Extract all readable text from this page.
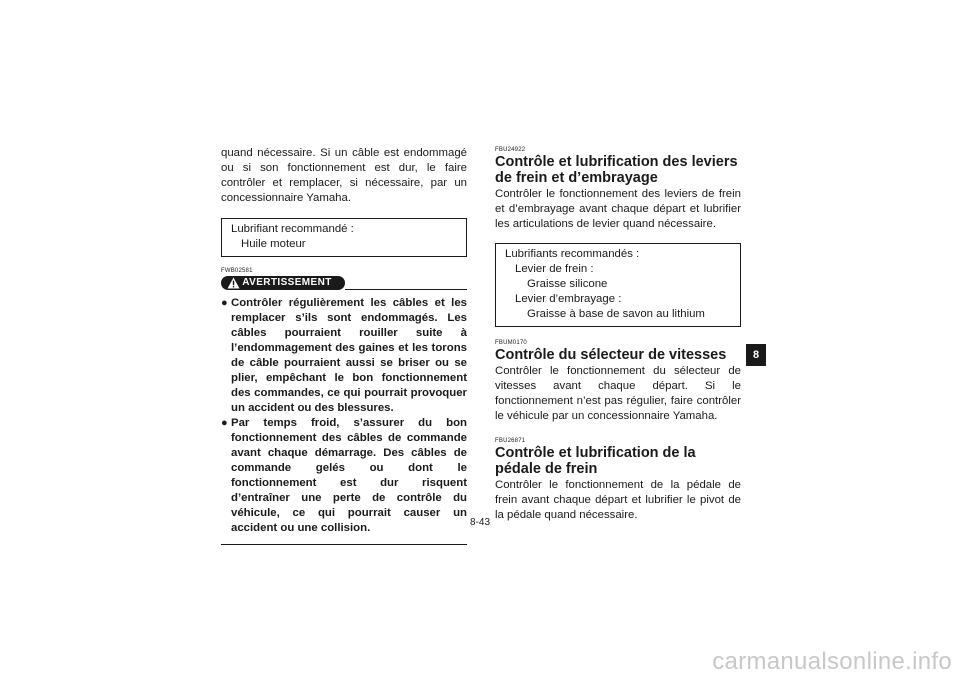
quand nécessaire. Si un câble est endommagé ou si son fonctionnement est dur, le faire contrôler et remplacer, si nécessaire, par un concessionnaire Yamaha.

Lubrifiant recommandé :
Huile moteur
FWB02581
AVERTISSEMENT
● Contrôler régulièrement les câbles et les remplacer s’ils sont endommagés. Les câbles pourraient rouiller suite à l’endommagement des gaines et les torons de câble pourraient aussi se briser ou se plier, empêchant le bon fonctionnement des commandes, ce qui pourrait provoquer un accident ou des blessures.
● Par temps froid, s’assurer du bon fonctionnement des câbles de commande avant chaque démarrage. Des câbles de commande gelés ou dont le fonctionnement est dur risquent d’entraîner une perte de contrôle du véhicule, ce qui pourrait causer un accident ou une collision.
FBU24922
Contrôle et lubrification des leviers de frein et d’embrayage

Contrôler le fonctionnement des leviers de frein et d’embrayage avant chaque départ et lubrifier les articulations de levier quand nécessaire.

Lubrifiants recommandés :
Levier de frein :
Graisse silicone
Levier d’embrayage :
Graisse à base de savon au lithium
FBUM0170
Contrôle du sélecteur de vitesses

Contrôler le fonctionnement du sélecteur de vitesses avant chaque départ. Si le fonctionnement n’est pas régulier, faire contrôler le véhicule par un concessionnaire Yamaha.

FBU26871
Contrôle et lubrification de la pédale de frein

Contrôler le fonctionnement de la pédale de frein avant chaque départ et lubrifier le pivot de la pédale quand nécessaire.

8
8-43
carmanualsonline.info
